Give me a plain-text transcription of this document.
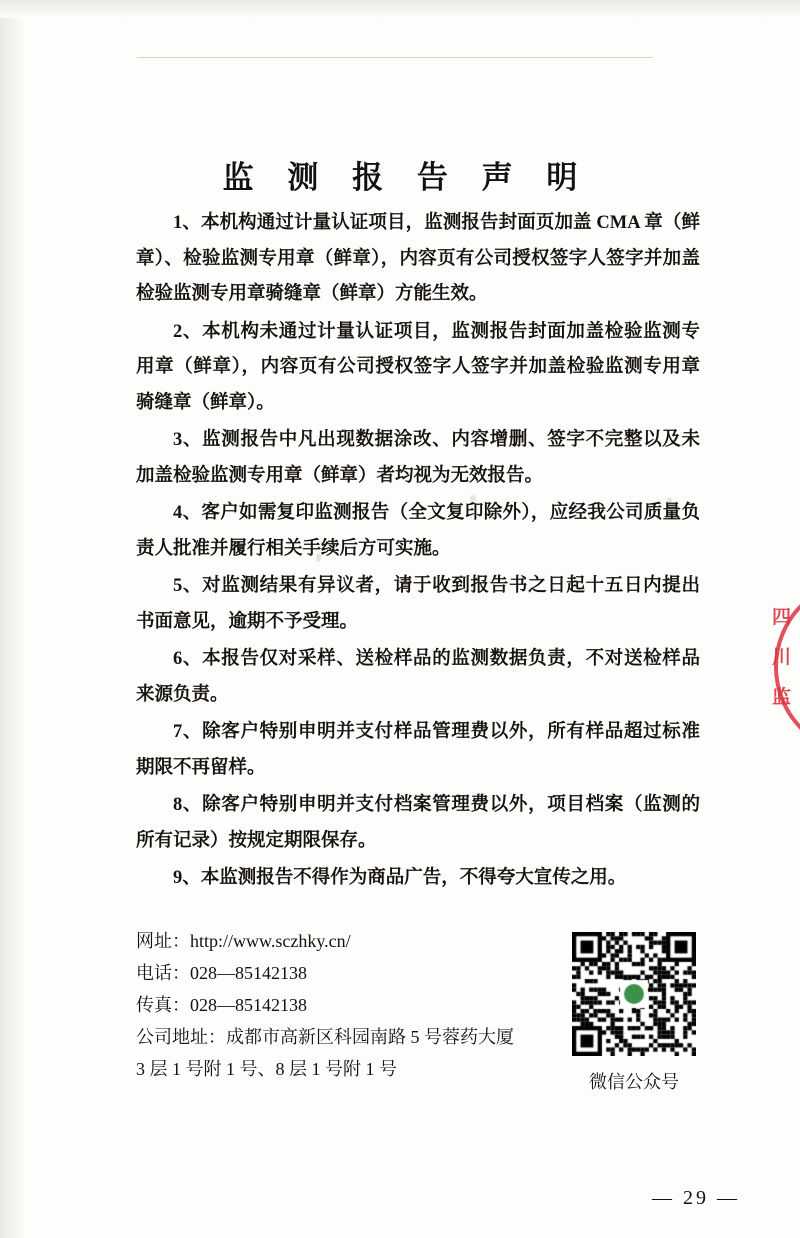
监 测 报 告 声 明

1、本机构通过计量认证项目，监测报告封面页加盖 CMA 章（鲜章）、检验监测专用章（鲜章），内容页有公司授权签字人签字并加盖检验监测专用章骑缝章（鲜章）方能生效。

2、本机构未通过计量认证项目，监测报告封面加盖检验监测专用章（鲜章），内容页有公司授权签字人签字并加盖检验监测专用章骑缝章（鲜章）。

3、监测报告中凡出现数据涂改、内容增删、签字不完整以及未加盖检验监测专用章（鲜章）者均视为无效报告。

4、客户如需复印监测报告（全文复印除外），应经我公司质量负责人批准并履行相关手续后方可实施。

5、对监测结果有异议者，请于收到报告书之日起十五日内提出书面意见，逾期不予受理。

6、本报告仅对采样、送检样品的监测数据负责，不对送检样品来源负责。

7、除客户特别申明并支付样品管理费以外，所有样品超过标准期限不再留样。

8、除客户特别申明并支付档案管理费以外，项目档案（监测的所有记录）按规定期限保存。

9、本监测报告不得作为商品广告，不得夸大宣传之用。

网址：http://www.sczhky.cn/
电话：028—85142138
传真：028—85142138
公司地址：成都市高新区科园南路 5 号蓉药大厦
3 层 1 号附 1 号、8 层 1 号附 1 号
微信公众号
四
川
监
— 29 —
